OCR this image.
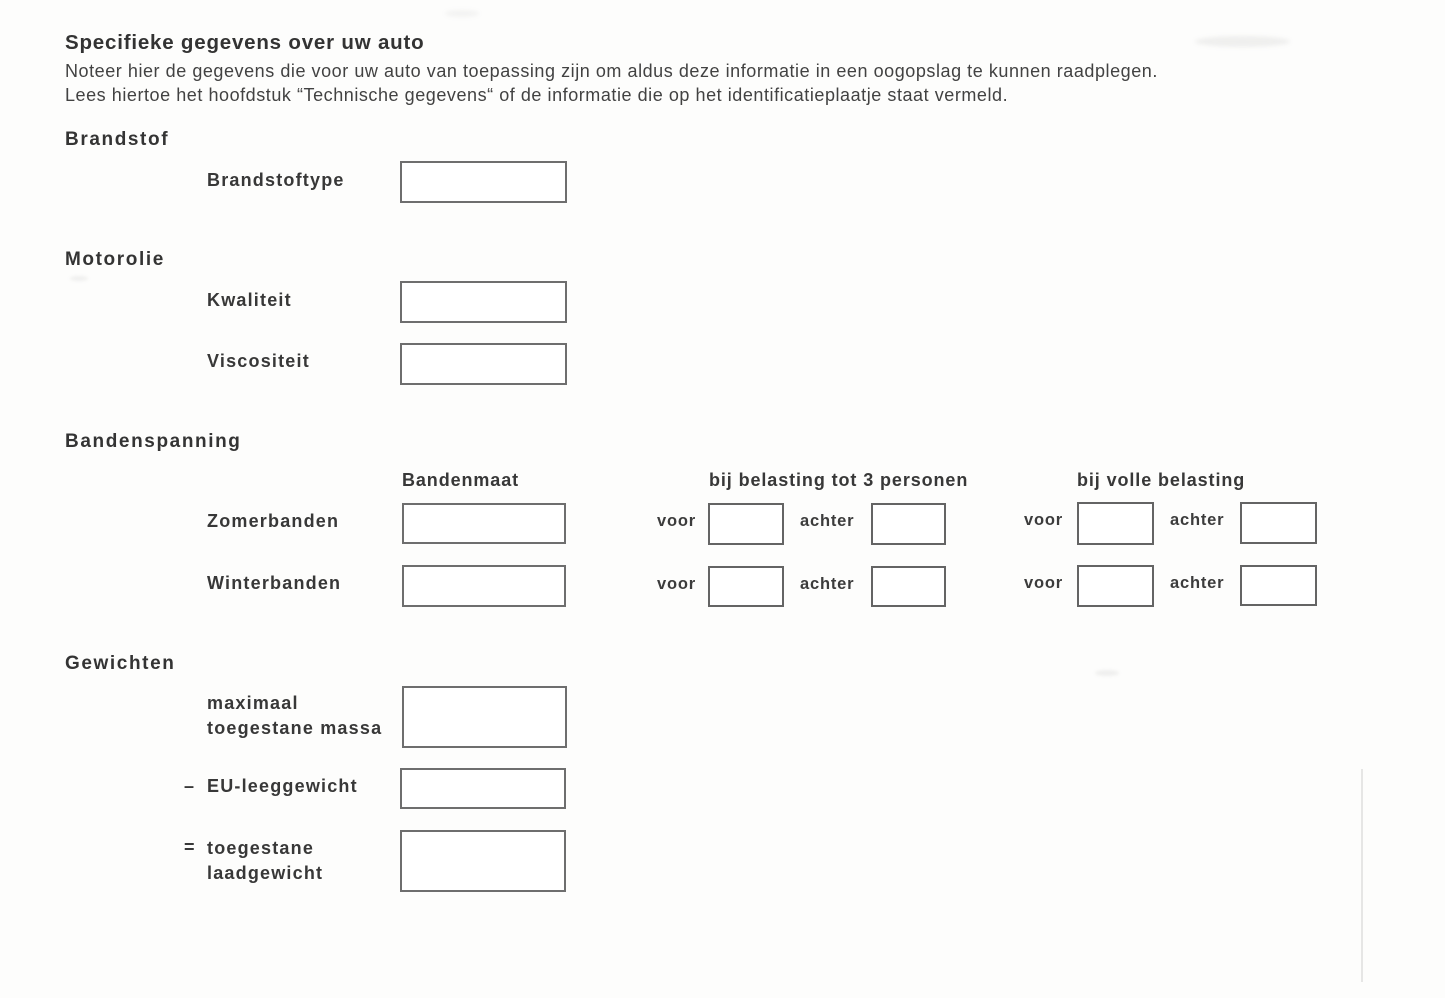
Specifieke gegevens over uw auto
Noteer hier de gegevens die voor uw auto van toepassing zijn om aldus deze informatie in een oogopslag te kunnen raadplegen.
Lees hiertoe het hoofdstuk “Technische gegevens“ of de informatie die op het identificatieplaatje staat vermeld.
Brandstof
Brandstoftype
Motorolie
Kwaliteit
Viscositeit
Bandenspanning
Bandenmaat	bij belasting tot 3 personen	bij volle belasting
Zomerbanden	voor	achter	voor	achter
Winterbanden	voor	achter	voor	achter
Gewichten
maximaal
toegestane massa
– EU-leeggewicht
= toegestane
laadgewicht
